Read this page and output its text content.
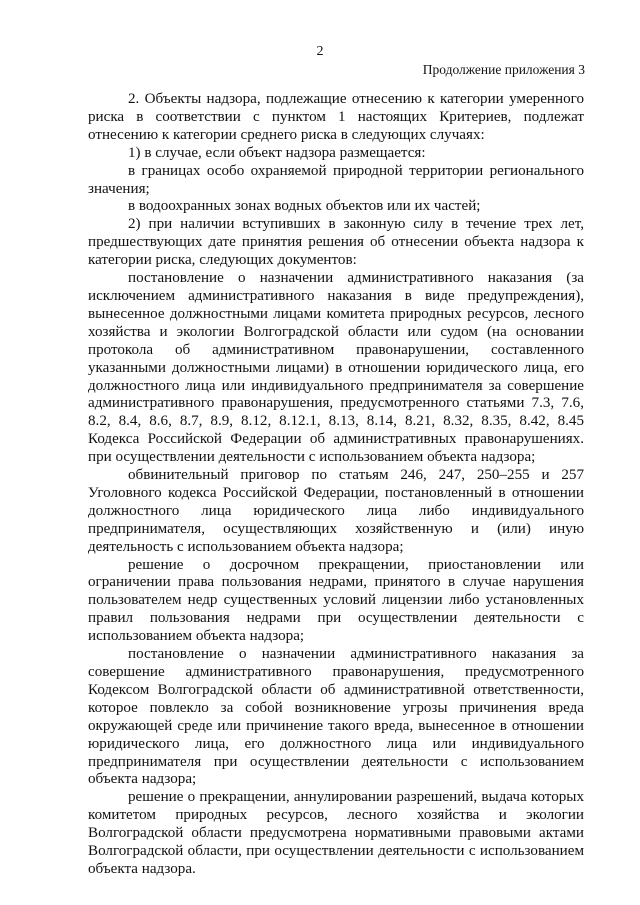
2
Продолжение приложения 3

2. Объекты надзора, подлежащие отнесению к категории умеренного риска в соответствии с пунктом 1 настоящих Критериев, подлежат отнесению к категории среднего риска в следующих случаях:

1) в случае, если объект надзора размещается:

в границах особо охраняемой природной территории регионального значения;

в водоохранных зонах водных объектов или их частей;

2) при наличии вступивших в законную силу в течение трех лет, предшествующих дате принятия решения об отнесении объекта надзора к категории риска, следующих документов:

постановление о назначении административного наказания (за исключением административного наказания в виде предупреждения), вынесенное должностными лицами комитета природных ресурсов, лесного хозяйства и экологии Волгоградской области или судом (на основании протокола об административном правонарушении, составленного указанными должностными лицами) в отношении юридического лица, его должностного лица или индивидуального предпринимателя за совершение административного правонарушения, предусмотренного статьями 7.3, 7.6, 8.2, 8.4, 8.6, 8.7, 8.9, 8.12, 8.12.1, 8.13, 8.14, 8.21, 8.32, 8.35, 8.42, 8.45 Кодекса Российской Федерации об административных правонарушениях. при осуществлении деятельности с использованием объекта надзора;

обвинительный приговор по статьям 246, 247, 250–255 и 257 Уголовного кодекса Российской Федерации, постановленный в отношении должностного лица юридического лица либо индивидуального предпринимателя, осуществляющих хозяйственную и (или) иную деятельность с использованием объекта надзора;

решение о досрочном прекращении, приостановлении или ограничении права пользования недрами, принятого в случае нарушения пользователем недр существенных условий лицензии либо установленных правил пользования недрами при осуществлении деятельности с использованием объекта надзора;

постановление о назначении административного наказания за совершение административного правонарушения, предусмотренного Кодексом Волгоградской области об административной ответственности, которое повлекло за собой возникновение угрозы причинения вреда окружающей среде или причинение такого вреда, вынесенное в отношении юридического лица, его должностного лица или индивидуального предпринимателя при осуществлении деятельности с использованием объекта надзора;

решение о прекращении, аннулировании разрешений, выдача которых комитетом природных ресурсов, лесного хозяйства и экологии Волгоградской области предусмотрена нормативными правовыми актами Волгоградской области, при осуществлении деятельности с использованием объекта надзора.
